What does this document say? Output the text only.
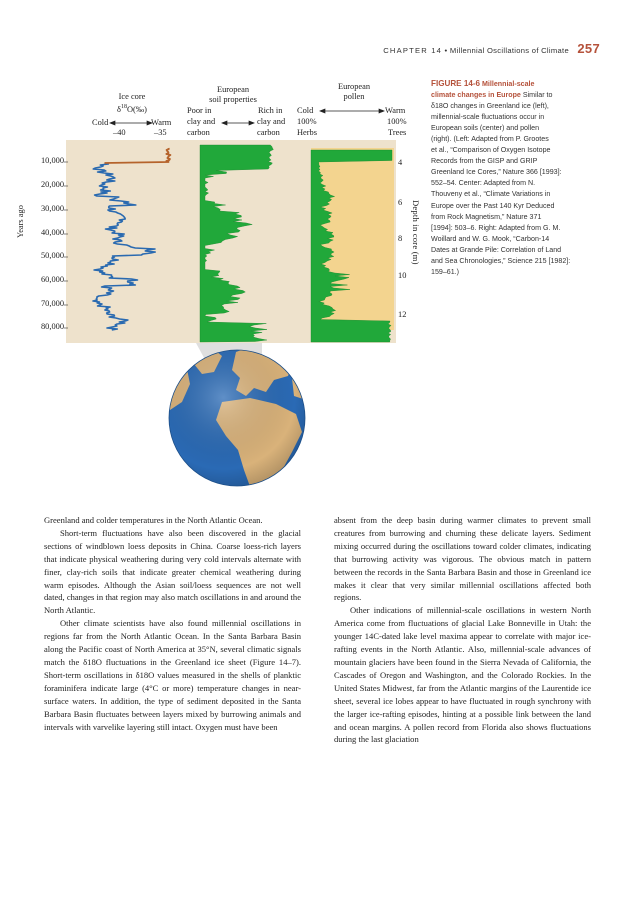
CHAPTER 14 • Millennial Oscillations of Climate 257
Ice core
$\delta^{18}O(‰)$
Cold	Warm
–40	–35
European
soil properties
Poor in
clay and
carbon
Rich in
clay and
carbon
European
pollen
Cold	Warm
100%
Herbs
100%
Trees
Years ago
10,000
20,000
30,000
40,000
50,000
60,000
70,000
80,000
4
6
8
10
12
Depth in core (m)
FIGURE 14-6 Millennial-scale
climate changes in Europe Similar to
δ18O changes in Greenland ice (left),
millennial-scale fluctuations occur in
European soils (center) and pollen
(right). (Left: Adapted from P. Grootes
et al., “Comparison of Oxygen Isotope
Records from the GISP and GRIP
Greenland Ice Cores,” Nature 366 [1993]:
552–54. Center: Adapted from N.
Thouveny et al., “Climate Variations in
Europe over the Past 140 Kyr Deduced
from Rock Magnetism,” Nature 371
[1994]: 503–6. Right: Adapted from G. M.
Woillard and W. G. Mook, “Carbon-14
Dates at Grande Pile: Correlation of Land
and Sea Chronologies,” Science 215 [1982]:
159–61.)

Greenland and colder temperatures in the North Atlantic Ocean.

Short-term fluctuations have also been discovered in the glacial sections of windblown loess deposits in China. Coarse loess-rich layers that indicate physical weathering during very cold intervals alternate with finer, clay-rich soils that indicate greater chemical weathering during warm episodes. Although the Asian soil/loess sequences are not well dated, changes in that region may also match oscillations in and around the North Atlantic.

Other climate scientists have also found millennial oscillations in regions far from the North Atlantic Ocean. In the Santa Barbara Basin along the Pacific coast of North America at 35°N, several climatic signals match the δ18O fluctuations in the Greenland ice sheet (Figure 14–7). Short-term oscillations in δ18O values measured in the shells of planktic foraminifera indicate large (4°C or more) temperature changes in near-surface waters. In addition, the type of sediment deposited in the Santa Barbara Basin fluctuates between layers mixed by burrowing animals and intervals with varvelike layering still intact. Oxygen must have been

absent from the deep basin during warmer climates to prevent small creatures from burrowing and churning these delicate layers. Sediment mixing occurred during the oscillations toward colder climates, indicating that burrowing activity was vigorous. The obvious match in pattern between the records in the Santa Barbara Basin and those in Greenland ice makes it clear that very similar millennial oscillations affected both regions.

Other indications of millennial-scale oscillations in western North America come from fluctuations of glacial Lake Bonneville in Utah: the younger 14C-dated lake level maxima appear to correlate with major ice-rafting events in the North Atlantic. Also, millennial-scale advances of mountain glaciers have been found in the Sierra Nevada of California, the Cascades of Oregon and Washington, and the Colorado Rockies. In the United States Midwest, far from the Atlantic margins of the Laurentide ice sheet, several ice lobes appear to have fluctuated in rough synchrony with the larger ice-rafting episodes, hinting at a possible link between the land and ocean margins. A pollen record from Florida also shows fluctuations during the last glaciation
